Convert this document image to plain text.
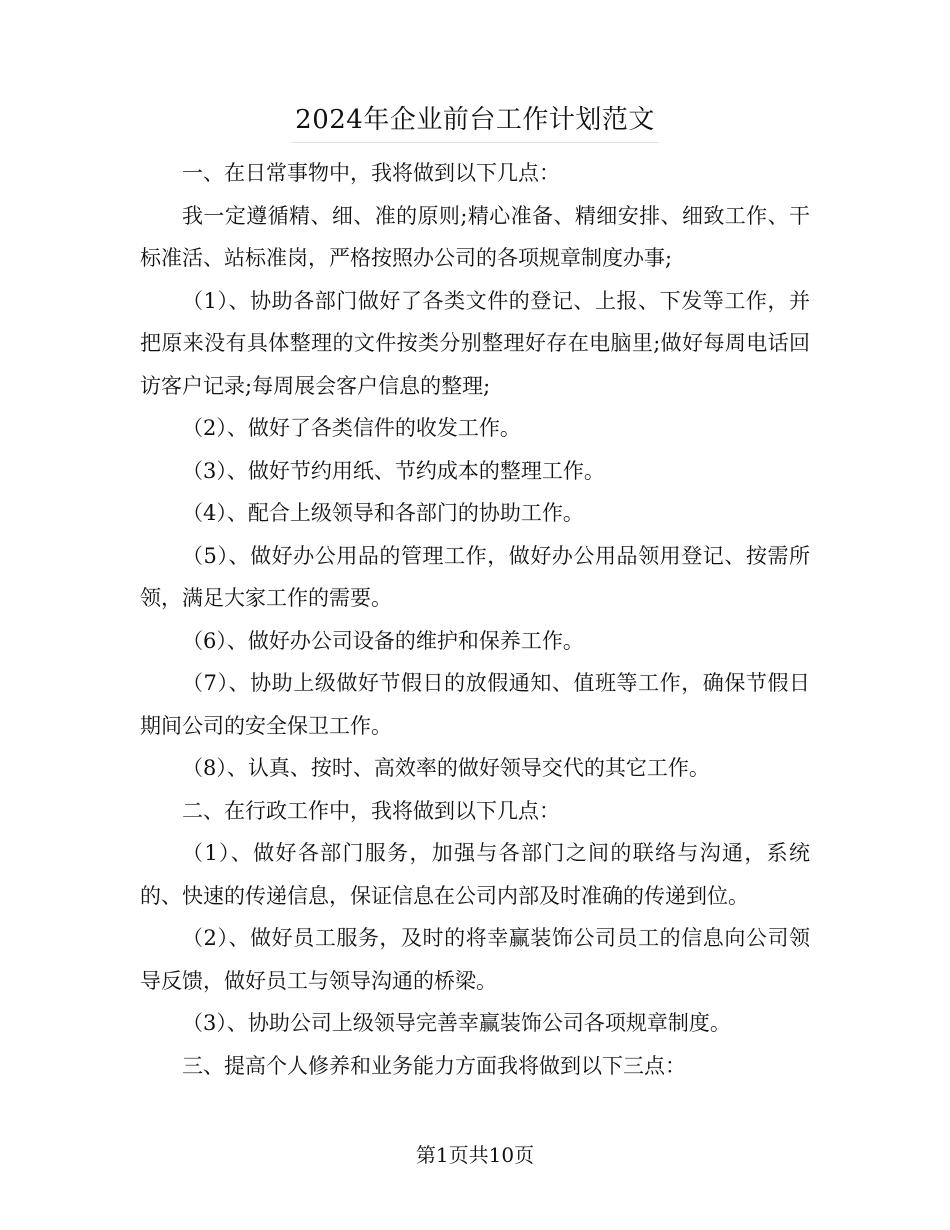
2024年企业前台工作计划范文

一、在日常事物中，我将做到以下几点：

我一定遵循精、细、准的原则;精心准备、精细安排、细致工作、干标准活、站标准岗，严格按照办公司的各项规章制度办事;

（1）、协助各部门做好了各类文件的登记、上报、下发等工作，并把原来没有具体整理的文件按类分别整理好存在电脑里;做好每周电话回访客户记录;每周展会客户信息的整理;

（2）、做好了各类信件的收发工作。

（3）、做好节约用纸、节约成本的整理工作。

（4）、配合上级领导和各部门的协助工作。

（5）、做好办公用品的管理工作，做好办公用品领用登记、按需所领，满足大家工作的需要。

（6）、做好办公司设备的维护和保养工作。

（7）、协助上级做好节假日的放假通知、值班等工作，确保节假日期间公司的安全保卫工作。

（8）、认真、按时、高效率的做好领导交代的其它工作。

二、在行政工作中，我将做到以下几点：

（1）、做好各部门服务，加强与各部门之间的联络与沟通，系统的、快速的传递信息，保证信息在公司内部及时准确的传递到位。

（2）、做好员工服务，及时的将幸赢装饰公司员工的信息向公司领导反馈，做好员工与领导沟通的桥梁。

（3）、协助公司上级领导完善幸赢装饰公司各项规章制度。

三、提高个人修养和业务能力方面我将做到以下三点：

第1页共10页
